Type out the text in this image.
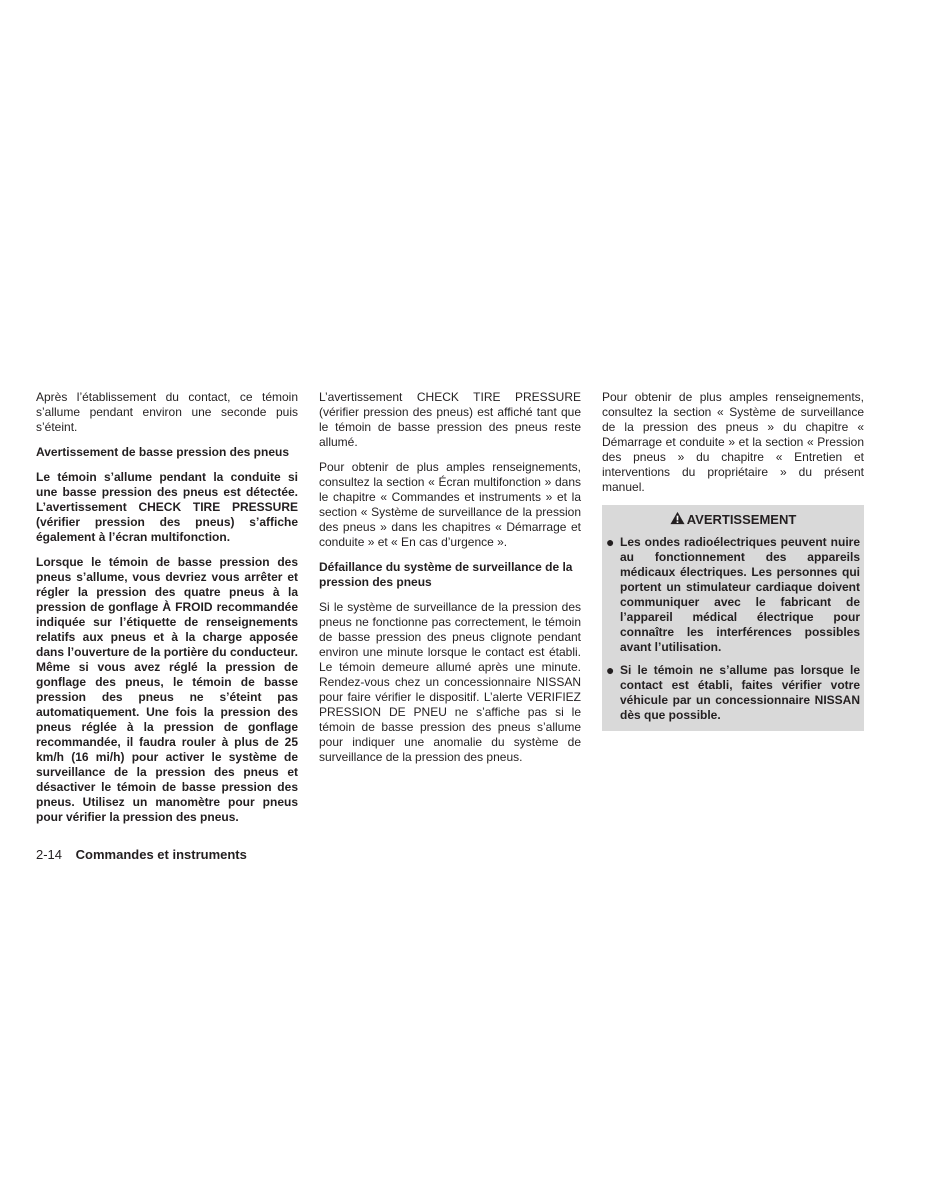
Après l’établissement du contact, ce témoin s’allume pendant environ une seconde puis s’éteint.

Avertissement de basse pression des pneus

Le témoin s’allume pendant la conduite si une basse pression des pneus est détectée. L’avertissement CHECK TIRE PRESSURE (vérifier pression des pneus) s’affiche également à l’écran multifonction.

Lorsque le témoin de basse pression des pneus s’allume, vous devriez vous arrêter et régler la pression des quatre pneus à la pression de gonflage À FROID recommandée indiquée sur l’étiquette de renseignements relatifs aux pneus et à la charge apposée dans l’ouverture de la portière du conducteur. Même si vous avez réglé la pression de gonflage des pneus, le témoin de basse pression des pneus ne s’éteint pas automatiquement. Une fois la pression des pneus réglée à la pression de gonflage recommandée, il faudra rouler à plus de 25 km/h (16 mi/h) pour activer le système de surveillance de la pression des pneus et désactiver le témoin de basse pression des pneus. Utilisez un manomètre pour pneus pour vérifier la pression des pneus.

L’avertissement CHECK TIRE PRESSURE (vérifier pression des pneus) est affiché tant que le témoin de basse pression des pneus reste allumé.

Pour obtenir de plus amples renseignements, consultez la section « Écran multifonction » dans le chapitre « Commandes et instruments » et la section « Système de surveillance de la pression des pneus » dans les chapitres « Démarrage et conduite » et « En cas d’urgence ».

Défaillance du système de surveillance de la pression des pneus

Si le système de surveillance de la pression des pneus ne fonctionne pas correctement, le témoin de basse pression des pneus clignote pendant environ une minute lorsque le contact est établi. Le témoin demeure allumé après une minute. Rendez-vous chez un concessionnaire NISSAN pour faire vérifier le dispositif. L’alerte VERIFIEZ PRESSION DE PNEU ne s’affiche pas si le témoin de basse pression des pneus s’allume pour indiquer une anomalie du système de surveillance de la pression des pneus.

Pour obtenir de plus amples renseignements, consultez la section « Système de surveillance de la pression des pneus » du chapitre « Démarrage et conduite » et la section « Pression des pneus » du chapitre « Entretien et interventions du propriétaire » du présent manuel.

AVERTISSEMENT
● Les ondes radioélectriques peuvent nuire au fonctionnement des appareils médicaux électriques. Les personnes qui portent un stimulateur cardiaque doivent communiquer avec le fabricant de l’appareil médical électrique pour connaître les interférences possibles avant l’utilisation.
● Si le témoin ne s’allume pas lorsque le contact est établi, faites vérifier votre véhicule par un concessionnaire NISSAN dès que possible.
2-14 Commandes et instruments
